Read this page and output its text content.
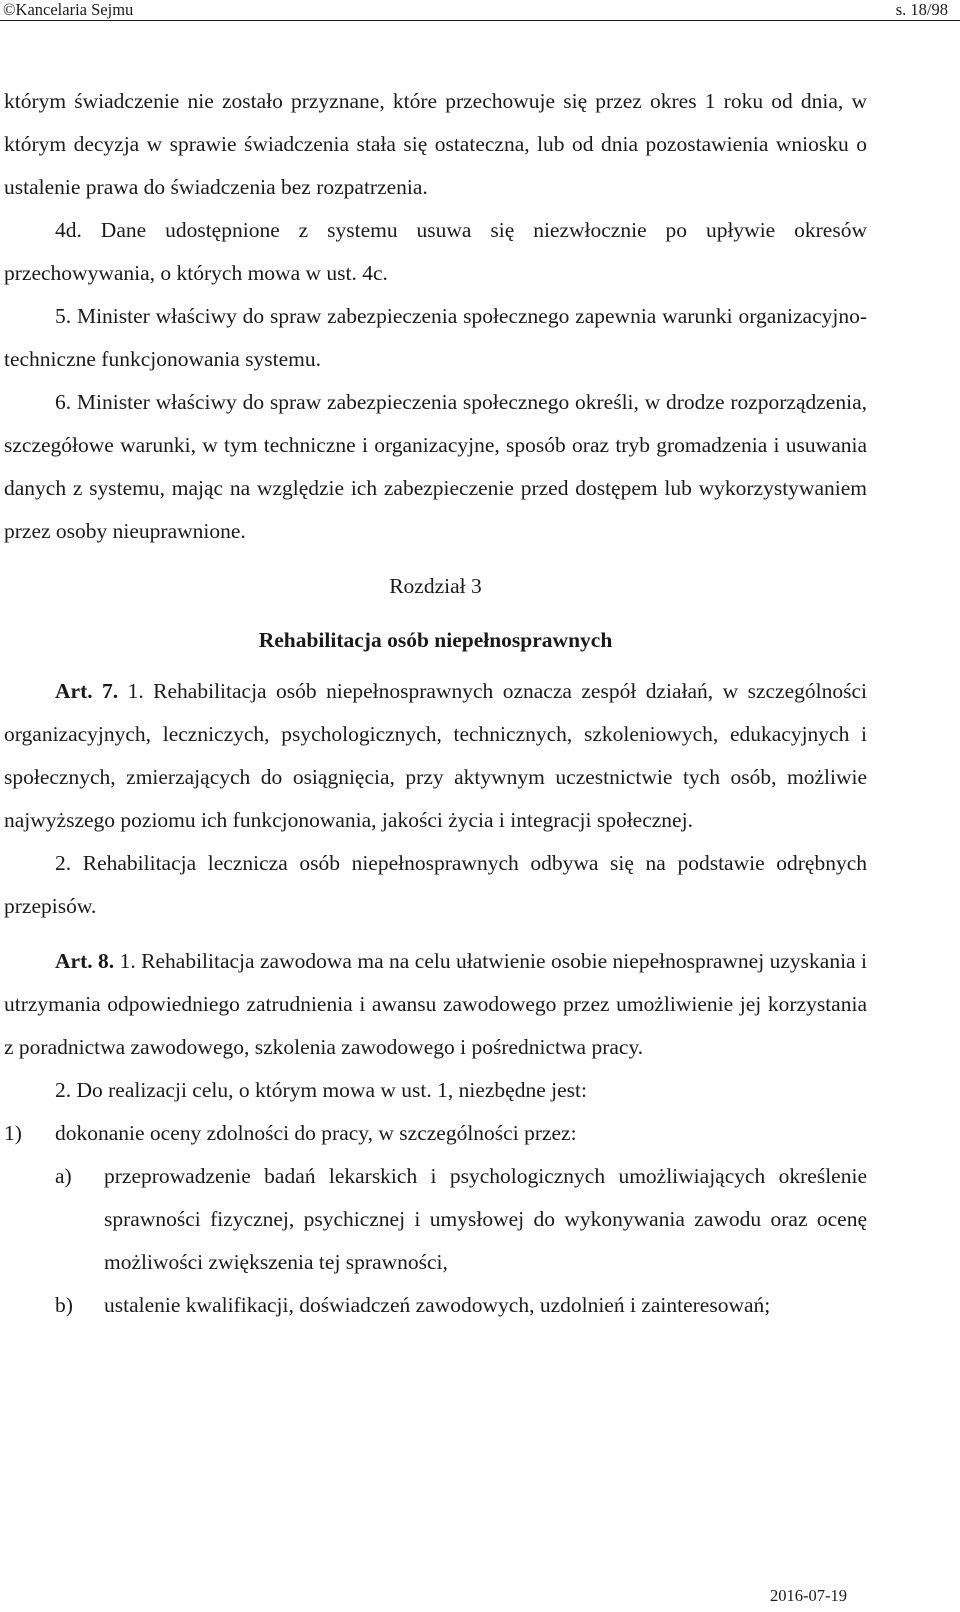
©Kancelaria Sejmu	s. 18/98

którym świadczenie nie zostało przyznane, które przechowuje się przez okres 1 roku od dnia, w którym decyzja w sprawie świadczenia stała się ostateczna, lub od dnia pozostawienia wniosku o ustalenie prawa do świadczenia bez rozpatrzenia.

4d. Dane udostępnione z systemu usuwa się niezwłocznie po upływie okresów przechowywania, o których mowa w ust. 4c.

5. Minister właściwy do spraw zabezpieczenia społecznego zapewnia warunki organizacyjno-techniczne funkcjonowania systemu.

6. Minister właściwy do spraw zabezpieczenia społecznego określi, w drodze rozporządzenia, szczegółowe warunki, w tym techniczne i organizacyjne, sposób oraz tryb gromadzenia i usuwania danych z systemu, mając na względzie ich zabezpieczenie przed dostępem lub wykorzystywaniem przez osoby nieuprawnione.

Rozdział 3

Rehabilitacja osób niepełnosprawnych

Art. 7. 1. Rehabilitacja osób niepełnosprawnych oznacza zespół działań, w szczególności organizacyjnych, leczniczych, psychologicznych, technicznych, szkoleniowych, edukacyjnych i społecznych, zmierzających do osiągnięcia, przy aktywnym uczestnictwie tych osób, możliwie najwyższego poziomu ich funkcjonowania, jakości życia i integracji społecznej.

2. Rehabilitacja lecznicza osób niepełnosprawnych odbywa się na podstawie odrębnych przepisów.

Art. 8. 1. Rehabilitacja zawodowa ma na celu ułatwienie osobie niepełnosprawnej uzyskania i utrzymania odpowiedniego zatrudnienia i awansu zawodowego przez umożliwienie jej korzystania z poradnictwa zawodowego, szkolenia zawodowego i pośrednictwa pracy.

2. Do realizacji celu, o którym mowa w ust. 1, niezbędne jest:

1) dokonanie oceny zdolności do pracy, w szczególności przez:
a) przeprowadzenie badań lekarskich i psychologicznych umożliwiających określenie sprawności fizycznej, psychicznej i umysłowej do wykonywania zawodu oraz ocenę możliwości zwiększenia tej sprawności,
b) ustalenie kwalifikacji, doświadczeń zawodowych, uzdolnień i zainteresowań;
2016-07-19
